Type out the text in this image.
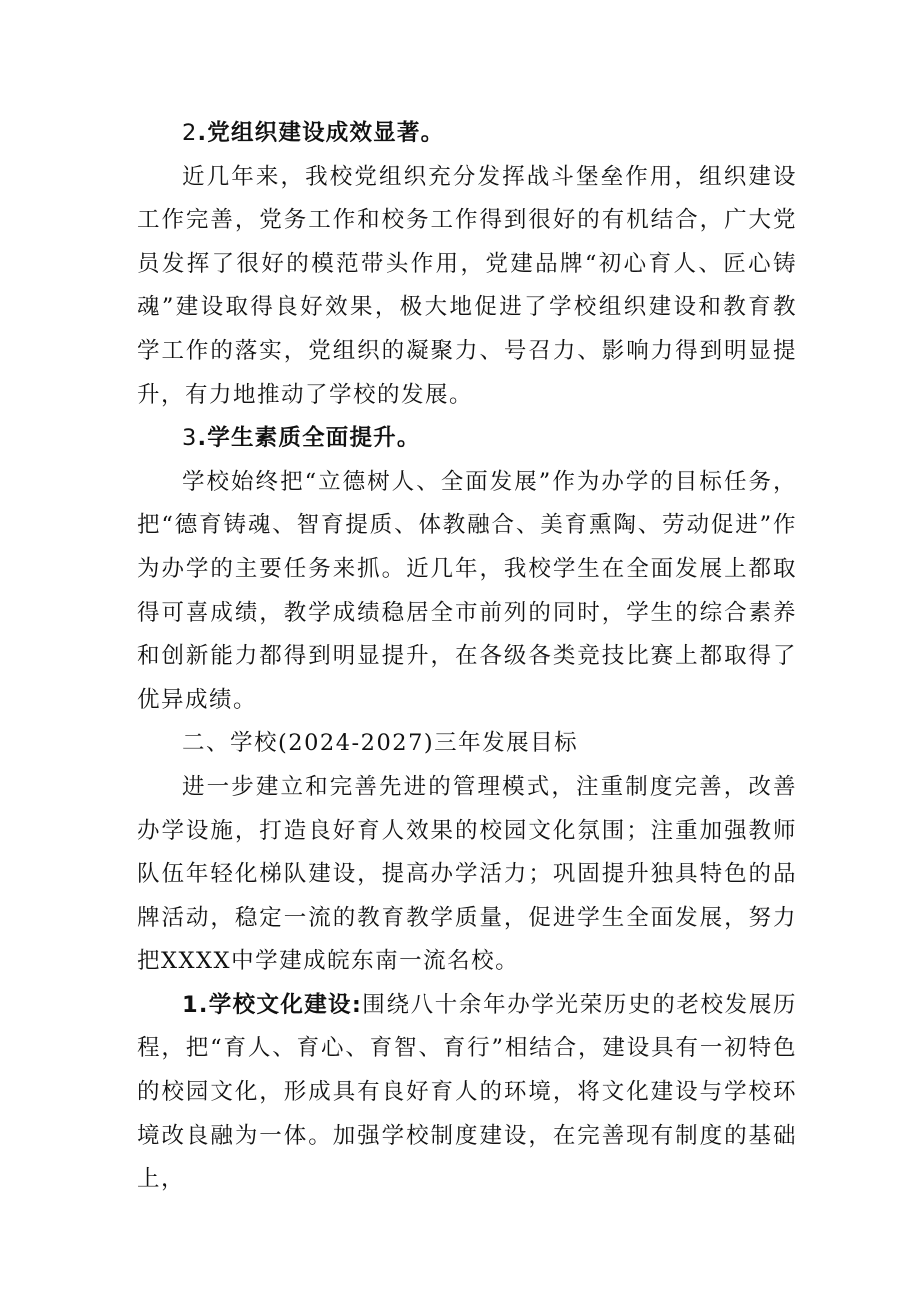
2.党组织建设成效显著。

近几年来，我校党组织充分发挥战斗堡垒作用，组织建设工作完善，党务工作和校务工作得到很好的有机结合，广大党员发挥了很好的模范带头作用，党建品牌“初心育人、匠心铸魂”建设取得良好效果，极大地促进了学校组织建设和教育教学工作的落实，党组织的凝聚力、号召力、影响力得到明显提升，有力地推动了学校的发展。

3.学生素质全面提升。

学校始终把“立德树人、全面发展”作为办学的目标任务，把“德育铸魂、智育提质、体教融合、美育熏陶、劳动促进”作为办学的主要任务来抓。近几年，我校学生在全面发展上都取得可喜成绩，教学成绩稳居全市前列的同时，学生的综合素养和创新能力都得到明显提升，在各级各类竞技比赛上都取得了优异成绩。

二、学校(2024-2027)三年发展目标

进一步建立和完善先进的管理模式，注重制度完善，改善办学设施，打造良好育人效果的校园文化氛围；注重加强教师队伍年轻化梯队建设，提高办学活力；巩固提升独具特色的品牌活动，稳定一流的教育教学质量，促进学生全面发展，努力把XXXX中学建成皖东南一流名校。

1.学校文化建设:围绕八十余年办学光荣历史的老校发展历程，把“育人、育心、育智、育行”相结合，建设具有一初特色的校园文化，形成具有良好育人的环境，将文化建设与学校环境改良融为一体。加强学校制度建设，在完善现有制度的基础上，
